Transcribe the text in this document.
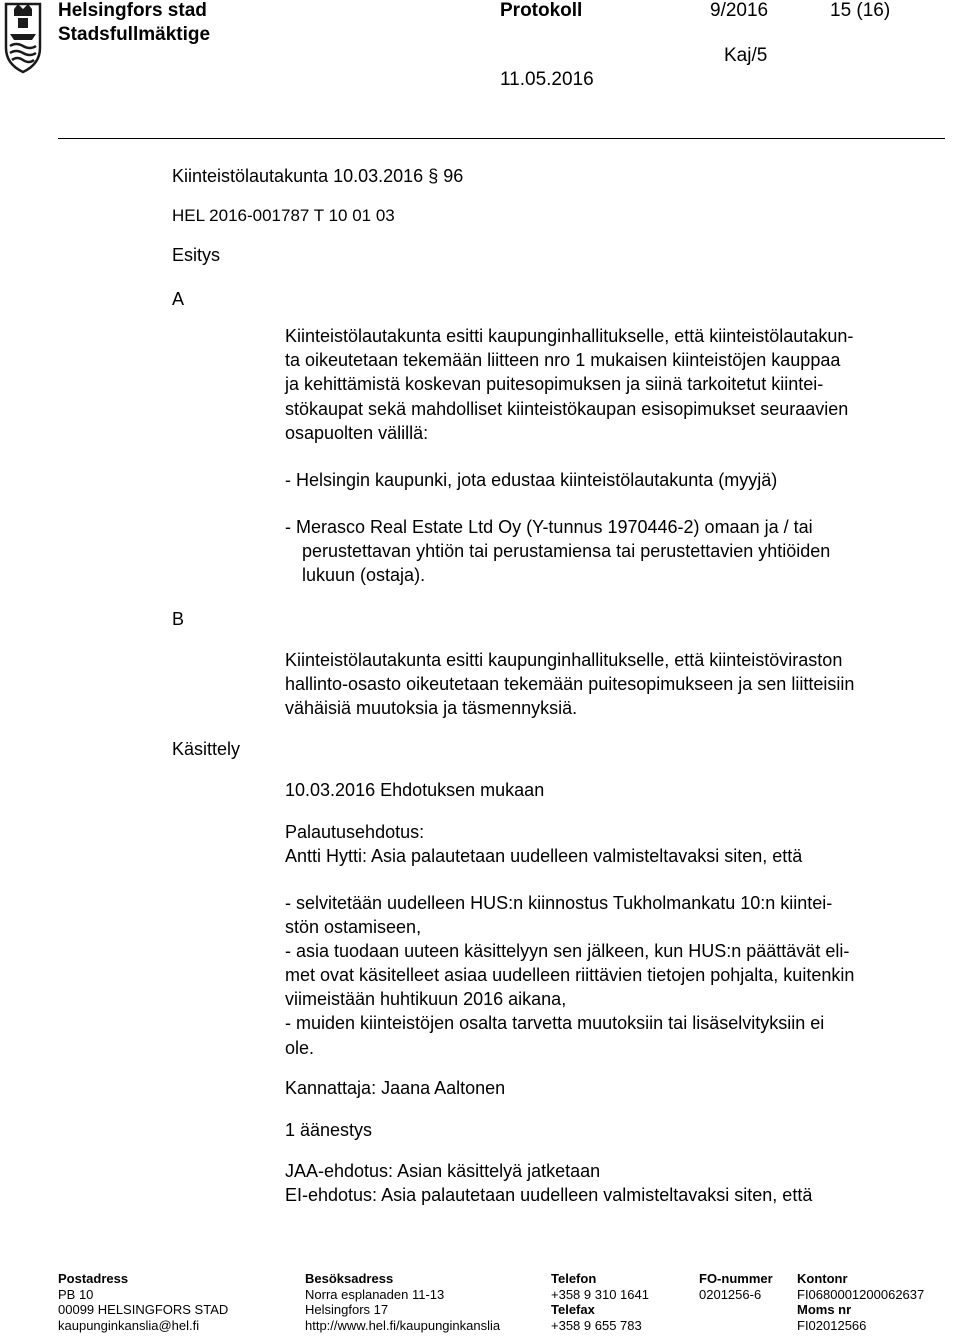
Helsingfors stad
Stadsfullmäktige
Protokoll	9/2016	15 (16)
Kaj/5
11.05.2016
Kiinteistölautakunta 10.03.2016 § 96
HEL 2016-001787 T 10 01 03
Esitys
A
B
Käsittely
Kiinteistölautakunta esitti kaupunginhallitukselle, että kiinteistölautakun-
ta oikeutetaan tekemään liitteen nro 1 mukaisen kiinteistöjen kauppaa
ja kehittämistä koskevan puitesopimuksen ja siinä tarkoitetut kiintei-
stökaupat sekä mahdolliset kiinteistökaupan esisopimukset seuraavien
osapuolten välillä:
- Helsingin kaupunki, jota edustaa kiinteistölautakunta (myyjä)
- Merasco Real Estate Ltd Oy (Y-tunnus 1970446-2) omaan ja / tai
perustettavan yhtiön tai perustamiensa tai perustettavien yhtiöiden
lukuun (ostaja).
Kiinteistölautakunta esitti kaupunginhallitukselle, että kiinteistöviraston
hallinto-osasto oikeutetaan tekemään puitesopimukseen ja sen liitteisiin
vähäisiä muutoksia ja täsmennyksiä.
10.03.2016 Ehdotuksen mukaan
Palautusehdotus:
Antti Hytti: Asia palautetaan uudelleen valmisteltavaksi siten, että
- selvitetään uudelleen HUS:n kiinnostus Tukholmankatu 10:n kiintei-
stön ostamiseen,
- asia tuodaan uuteen käsittelyyn sen jälkeen, kun HUS:n päättävät eli-
met ovat käsitelleet asiaa uudelleen riittävien tietojen pohjalta, kuitenkin
viimeistään huhtikuun 2016 aikana,
- muiden kiinteistöjen osalta tarvetta muutoksiin tai lisäselvityksiin ei
ole.
Kannattaja: Jaana Aaltonen
1 äänestys
JAA-ehdotus: Asian käsittelyä jatketaan
EI-ehdotus: Asia palautetaan uudelleen valmisteltavaksi siten, että
Postadress
PB 10
00099 HELSINGFORS STAD
kaupunginkanslia@hel.fi
Besöksadress
Norra esplanaden 11-13
Helsingfors 17
http://www.hel.fi/kaupunginkanslia
Telefon
+358 9 310 1641
Telefax
+358 9 655 783
FO-nummer
0201256-6
Kontonr
FI0680001200062637
Moms nr
FI02012566
